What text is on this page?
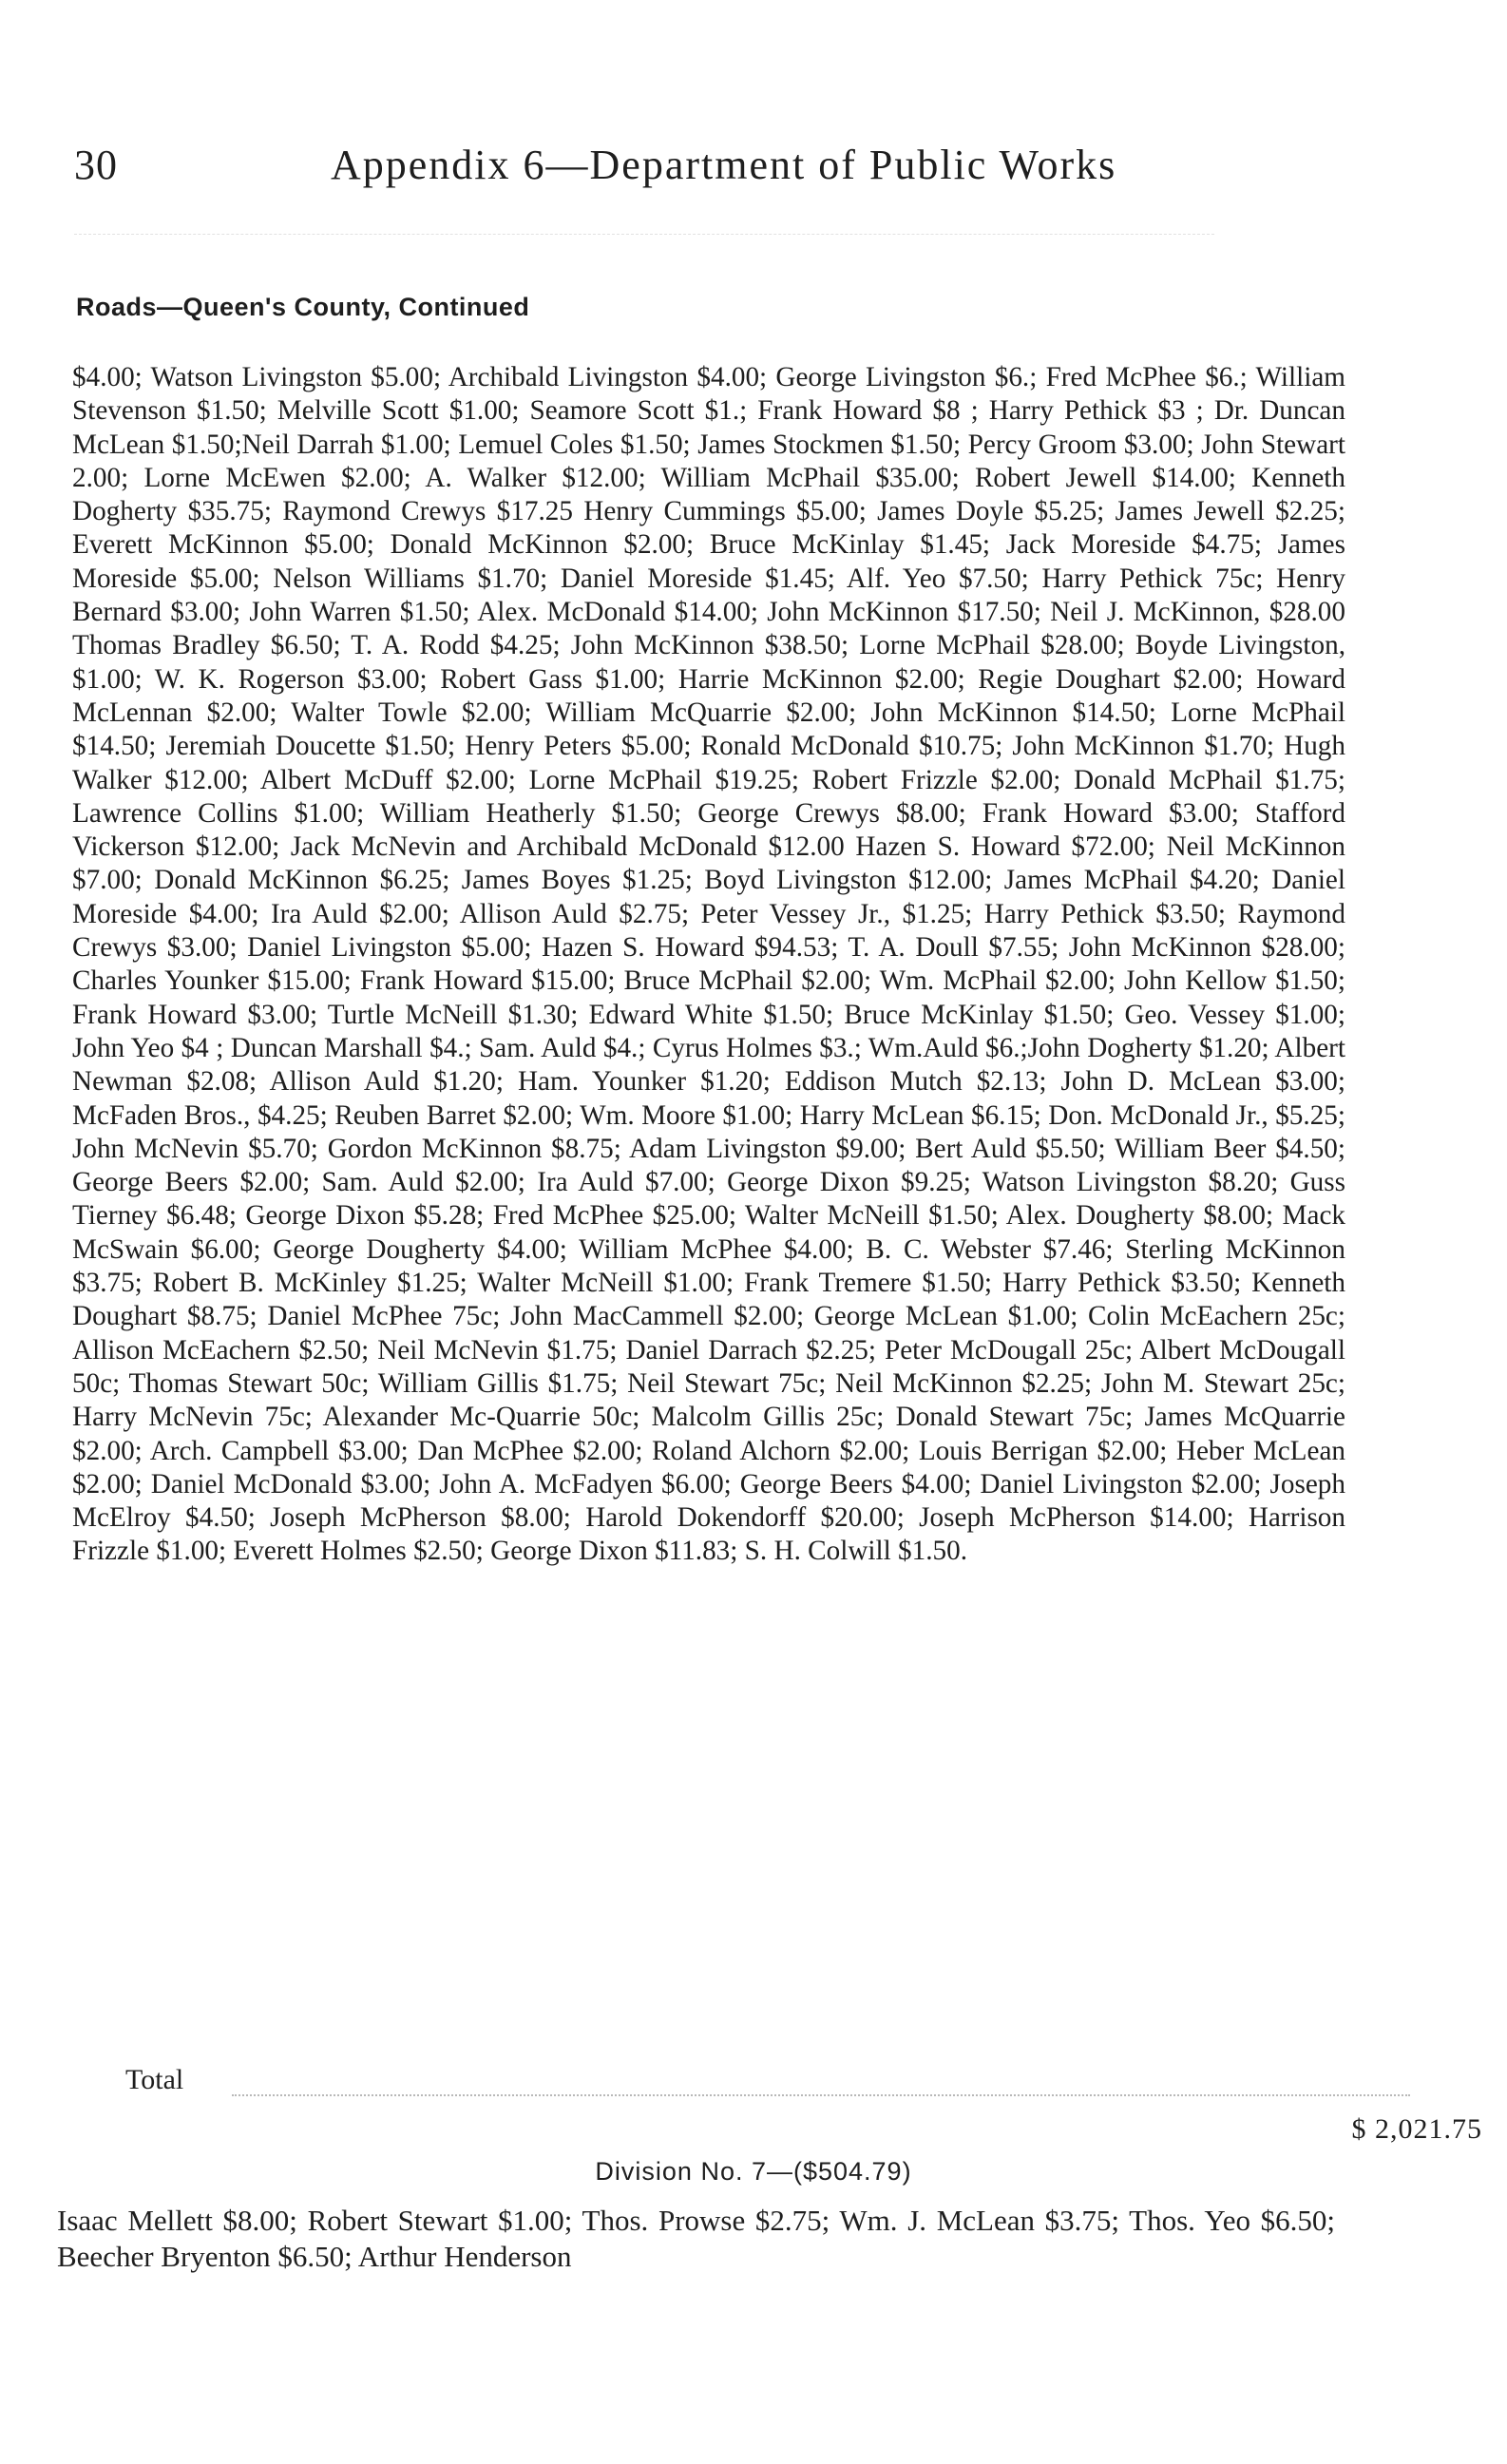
30	Appendix 6—Department of Public Works
Roads—Queen's County, Continued

$4.00; Watson Livingston $5.00; Archibald Livingston $4.00; George Livingston $6.; Fred McPhee $6.; William Stevenson $1.50; Melville Scott $1.00; Seamore Scott $1.; Frank Howard $8 ; Harry Pethick $3 ; Dr. Duncan McLean $1.50;Neil Darrah $1.00; Lemuel Coles $1.50; James Stockmen $1.50; Percy Groom $3.00; John Stewart 2.00; Lorne McEwen $2.00; A. Walker $12.00; William McPhail $35.00; Robert Jewell $14.00; Kenneth Dogherty $35.75; Raymond Crewys $17.25 Henry Cummings $5.00; James Doyle $5.25; James Jewell $2.25; Everett McKinnon $5.00; Donald McKinnon $2.00; Bruce McKinlay $1.45; Jack Moreside $4.75; James Moreside $5.00; Nelson Williams $1.70; Daniel Moreside $1.45; Alf. Yeo $7.50; Harry Pethick 75c; Henry Bernard $3.00; John Warren $1.50; Alex. McDonald $14.00; John McKinnon $17.50; Neil J. McKinnon, $28.00 Thomas Bradley $6.50; T. A. Rodd $4.25; John McKinnon $38.50; Lorne McPhail $28.00; Boyde Livingston, $1.00; W. K. Rogerson $3.00; Robert Gass $1.00; Harrie McKinnon $2.00; Regie Doughart $2.00; Howard McLennan $2.00; Walter Towle $2.00; William McQuarrie $2.00; John McKinnon $14.50; Lorne McPhail $14.50; Jeremiah Doucette $1.50; Henry Peters $5.00; Ronald McDonald $10.75; John McKinnon $1.70; Hugh Walker $12.00; Albert McDuff $2.00; Lorne McPhail $19.25; Robert Frizzle $2.00; Donald McPhail $1.75; Lawrence Collins $1.00; William Heatherly $1.50; George Crewys $8.00; Frank Howard $3.00; Stafford Vickerson $12.00; Jack McNevin and Archibald McDonald $12.00 Hazen S. Howard $72.00; Neil McKinnon $7.00; Donald McKinnon $6.25; James Boyes $1.25; Boyd Livingston $12.00; James McPhail $4.20; Daniel Moreside $4.00; Ira Auld $2.00; Allison Auld $2.75; Peter Vessey Jr., $1.25; Harry Pethick $3.50; Raymond Crewys $3.00; Daniel Livingston $5.00; Hazen S. Howard $94.53; T. A. Doull $7.55; John McKinnon $28.00; Charles Younker $15.00; Frank Howard $15.00; Bruce McPhail $2.00; Wm. McPhail $2.00; John Kellow $1.50; Frank Howard $3.00; Turtle McNeill $1.30; Edward White $1.50; Bruce McKinlay $1.50; Geo. Vessey $1.00; John Yeo $4 ; Duncan Marshall $4.; Sam. Auld $4.; Cyrus Holmes $3.; Wm.Auld $6.;John Dogherty $1.20; Albert Newman $2.08; Allison Auld $1.20; Ham. Younker $1.20; Eddison Mutch $2.13; John D. McLean $3.00; McFaden Bros., $4.25; Reuben Barret $2.00; Wm. Moore $1.00; Harry McLean $6.15; Don. McDonald Jr., $5.25; John McNevin $5.70; Gordon McKinnon $8.75; Adam Livingston $9.00; Bert Auld $5.50; William Beer $4.50; George Beers $2.00; Sam. Auld $2.00; Ira Auld $7.00; George Dixon $9.25; Watson Livingston $8.20; Guss Tierney $6.48; George Dixon $5.28; Fred McPhee $25.00; Walter McNeill $1.50; Alex. Dougherty $8.00; Mack McSwain $6.00; George Dougherty $4.00; William McPhee $4.00; B. C. Webster $7.46; Sterling McKinnon $3.75; Robert B. McKinley $1.25; Walter McNeill $1.00; Frank Tremere $1.50; Harry Pethick $3.50; Kenneth Doughart $8.75; Daniel McPhee 75c; John MacCammell $2.00; George McLean $1.00; Colin McEachern 25c; Allison McEachern $2.50; Neil McNevin $1.75; Daniel Darrach $2.25; Peter McDougall 25c; Albert McDougall 50c; Thomas Stewart 50c; William Gillis $1.75; Neil Stewart 75c; Neil McKinnon $2.25; John M. Stewart 25c; Harry McNevin 75c; Alexander Mc-Quarrie 50c; Malcolm Gillis 25c; Donald Stewart 75c; James McQuarrie $2.00; Arch. Campbell $3.00; Dan McPhee $2.00; Roland Alchorn $2.00; Louis Berrigan $2.00; Heber McLean $2.00; Daniel McDonald $3.00; John A. McFadyen $6.00; George Beers $4.00; Daniel Livingston $2.00; Joseph McElroy $4.50; Joseph McPherson $8.00; Harold Dokendorff $20.00; Joseph McPherson $14.00; Harrison Frizzle $1.00; Everett Holmes $2.50; George Dixon $11.83; S. H. Colwill $1.50.

Total
$ 2,021.75
Division No. 7—($504.79)

Isaac Mellett $8.00; Robert Stewart $1.00; Thos. Prowse $2.75; Wm. J. McLean $3.75; Thos. Yeo $6.50; Beecher Bryenton $6.50; Arthur Henderson
